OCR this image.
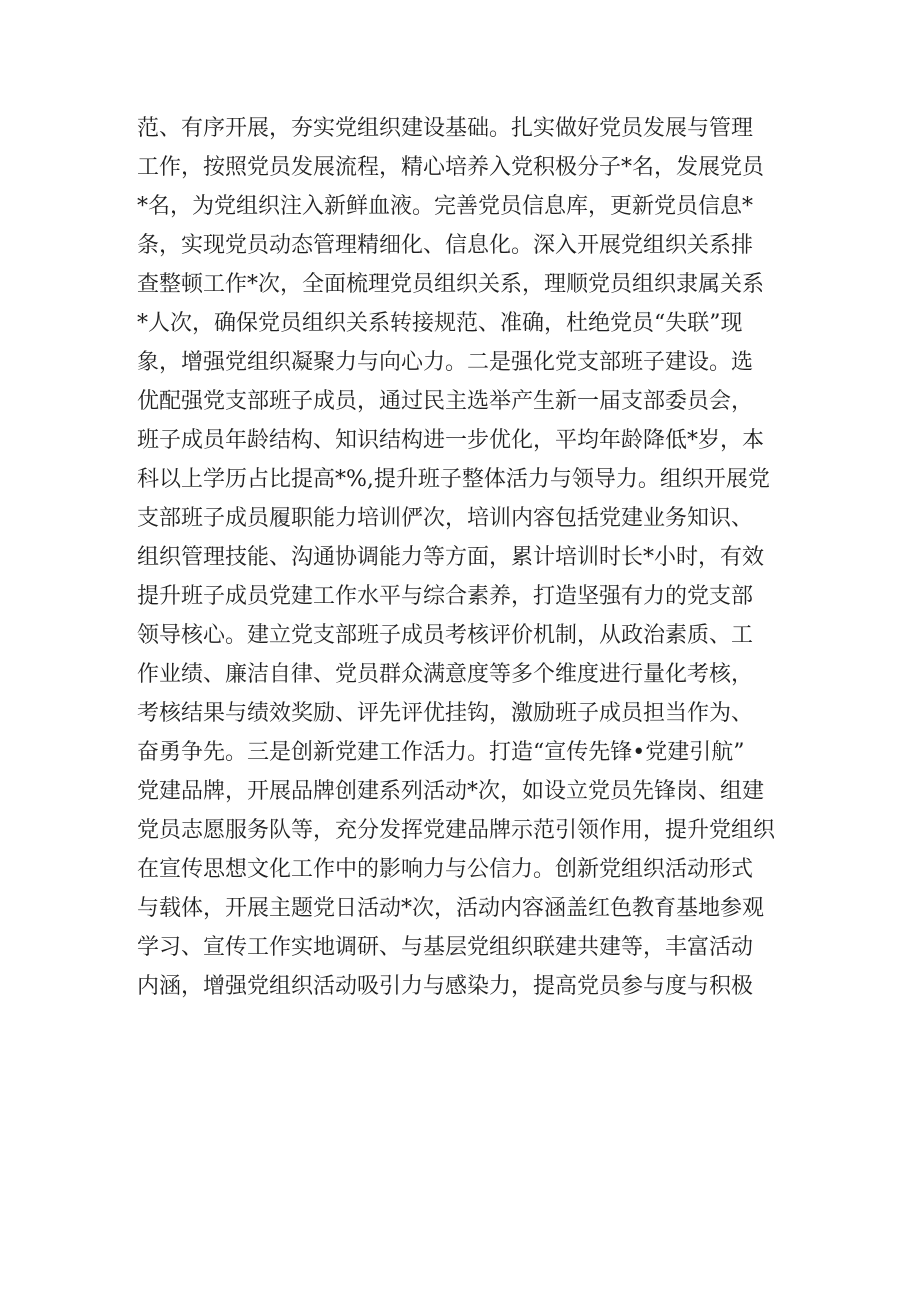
范、有序开展，夯实党组织建设基础。扎实做好党员发展与管理
工作，按照党员发展流程，精心培养入党积极分子*名，发展党员
*名，为党组织注入新鲜血液。完善党员信息库，更新党员信息*
条，实现党员动态管理精细化、信息化。深入开展党组织关系排
查整顿工作*次，全面梳理党员组织关系，理顺党员组织隶属关系
*人次，确保党员组织关系转接规范、准确，杜绝党员“失联”现
象，增强党组织凝聚力与向心力。二是强化党支部班子建设。选
优配强党支部班子成员，通过民主选举产生新一届支部委员会，
班子成员年龄结构、知识结构进一步优化，平均年龄降低*岁，本
科以上学历占比提高*%,提升班子整体活力与领导力。组织开展党
支部班子成员履职能力培训俨次，培训内容包括党建业务知识、
组织管理技能、沟通协调能力等方面，累计培训时长*小时，有效
提升班子成员党建工作水平与综合素养，打造坚强有力的党支部
领导核心。建立党支部班子成员考核评价机制，从政治素质、工
作业绩、廉洁自律、党员群众满意度等多个维度进行量化考核，
考核结果与绩效奖励、评先评优挂钩，激励班子成员担当作为、
奋勇争先。三是创新党建工作活力。打造“宣传先锋•党建引航”
党建品牌，开展品牌创建系列活动*次，如设立党员先锋岗、组建
党员志愿服务队等，充分发挥党建品牌示范引领作用，提升党组织
在宣传思想文化工作中的影响力与公信力。创新党组织活动形式
与载体，开展主题党日活动*次，活动内容涵盖红色教育基地参观
学习、宣传工作实地调研、与基层党组织联建共建等，丰富活动
内涵，增强党组织活动吸引力与感染力，提高党员参与度与积极
